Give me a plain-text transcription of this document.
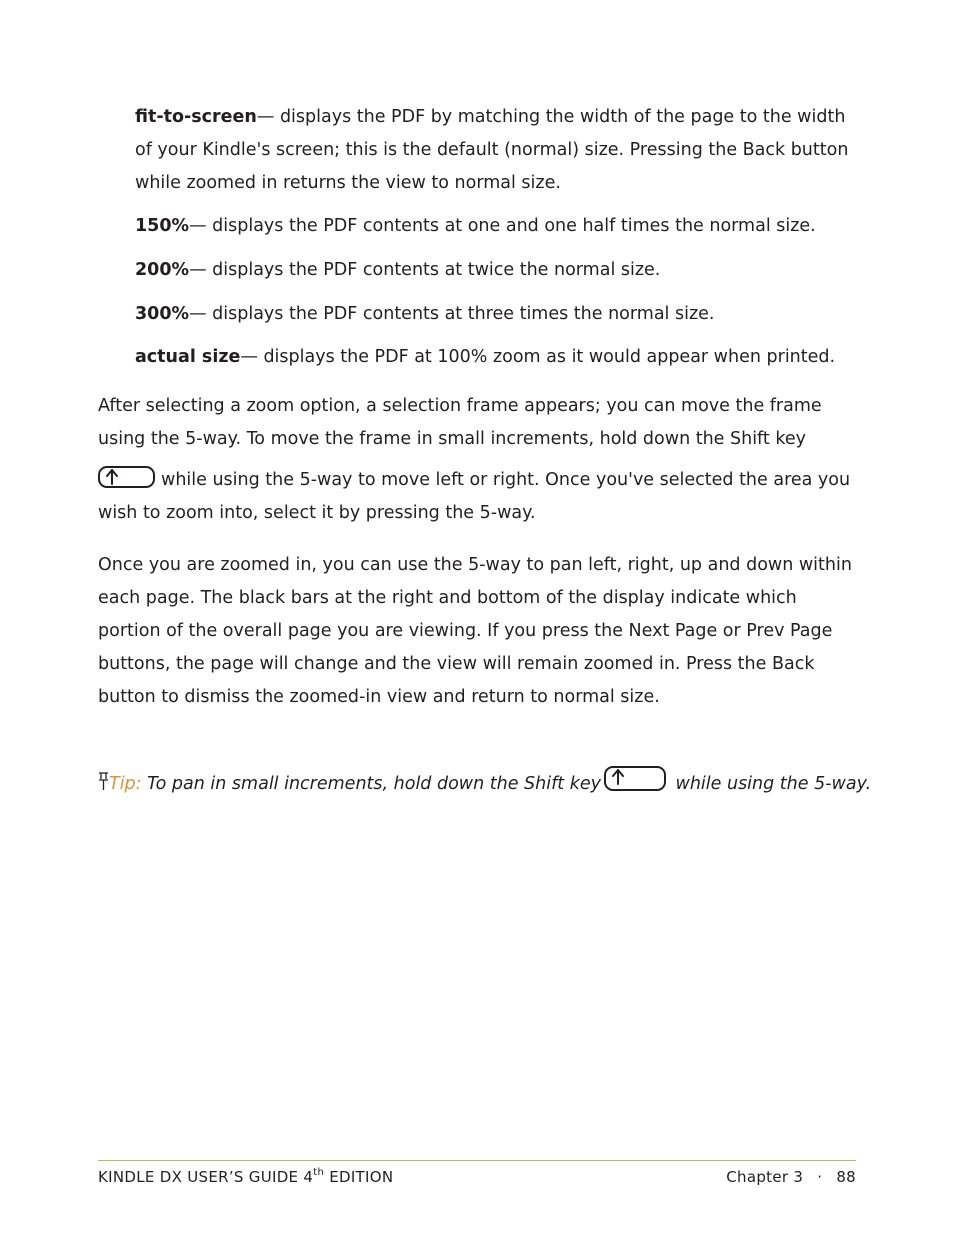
fit-to-screen— displays the PDF by matching the width of the page to the width of your Kindle's screen; this is the default (normal) size. Pressing the Back button while zoomed in returns the view to normal size.

150%— displays the PDF contents at one and one half times the normal size.

200%— displays the PDF contents at twice the normal size.

300%— displays the PDF contents at three times the normal size.

actual size— displays the PDF at 100% zoom as it would appear when printed.

After selecting a zoom option, a selection frame appears; you can move the frame using the 5-way. To move the frame in small increments, hold down the Shift key

while using the 5-way to move left or right. Once you've selected the area you wish to zoom into, select it by pressing the 5-way.

Once you are zoomed in, you can use the 5-way to pan left, right, up and down within each page. The black bars at the right and bottom of the display indicate which portion of the overall page you are viewing. If you press the Next Page or Prev Page buttons, the page will change and the view will remain zoomed in. Press the Back button to dismiss the zoomed-in view and return to normal size.

Tip: To pan in small increments, hold down the Shift key	while using the 5-way.
KINDLE DX USER’S GUIDE 4th EDITION	Chapter 3 · 88
